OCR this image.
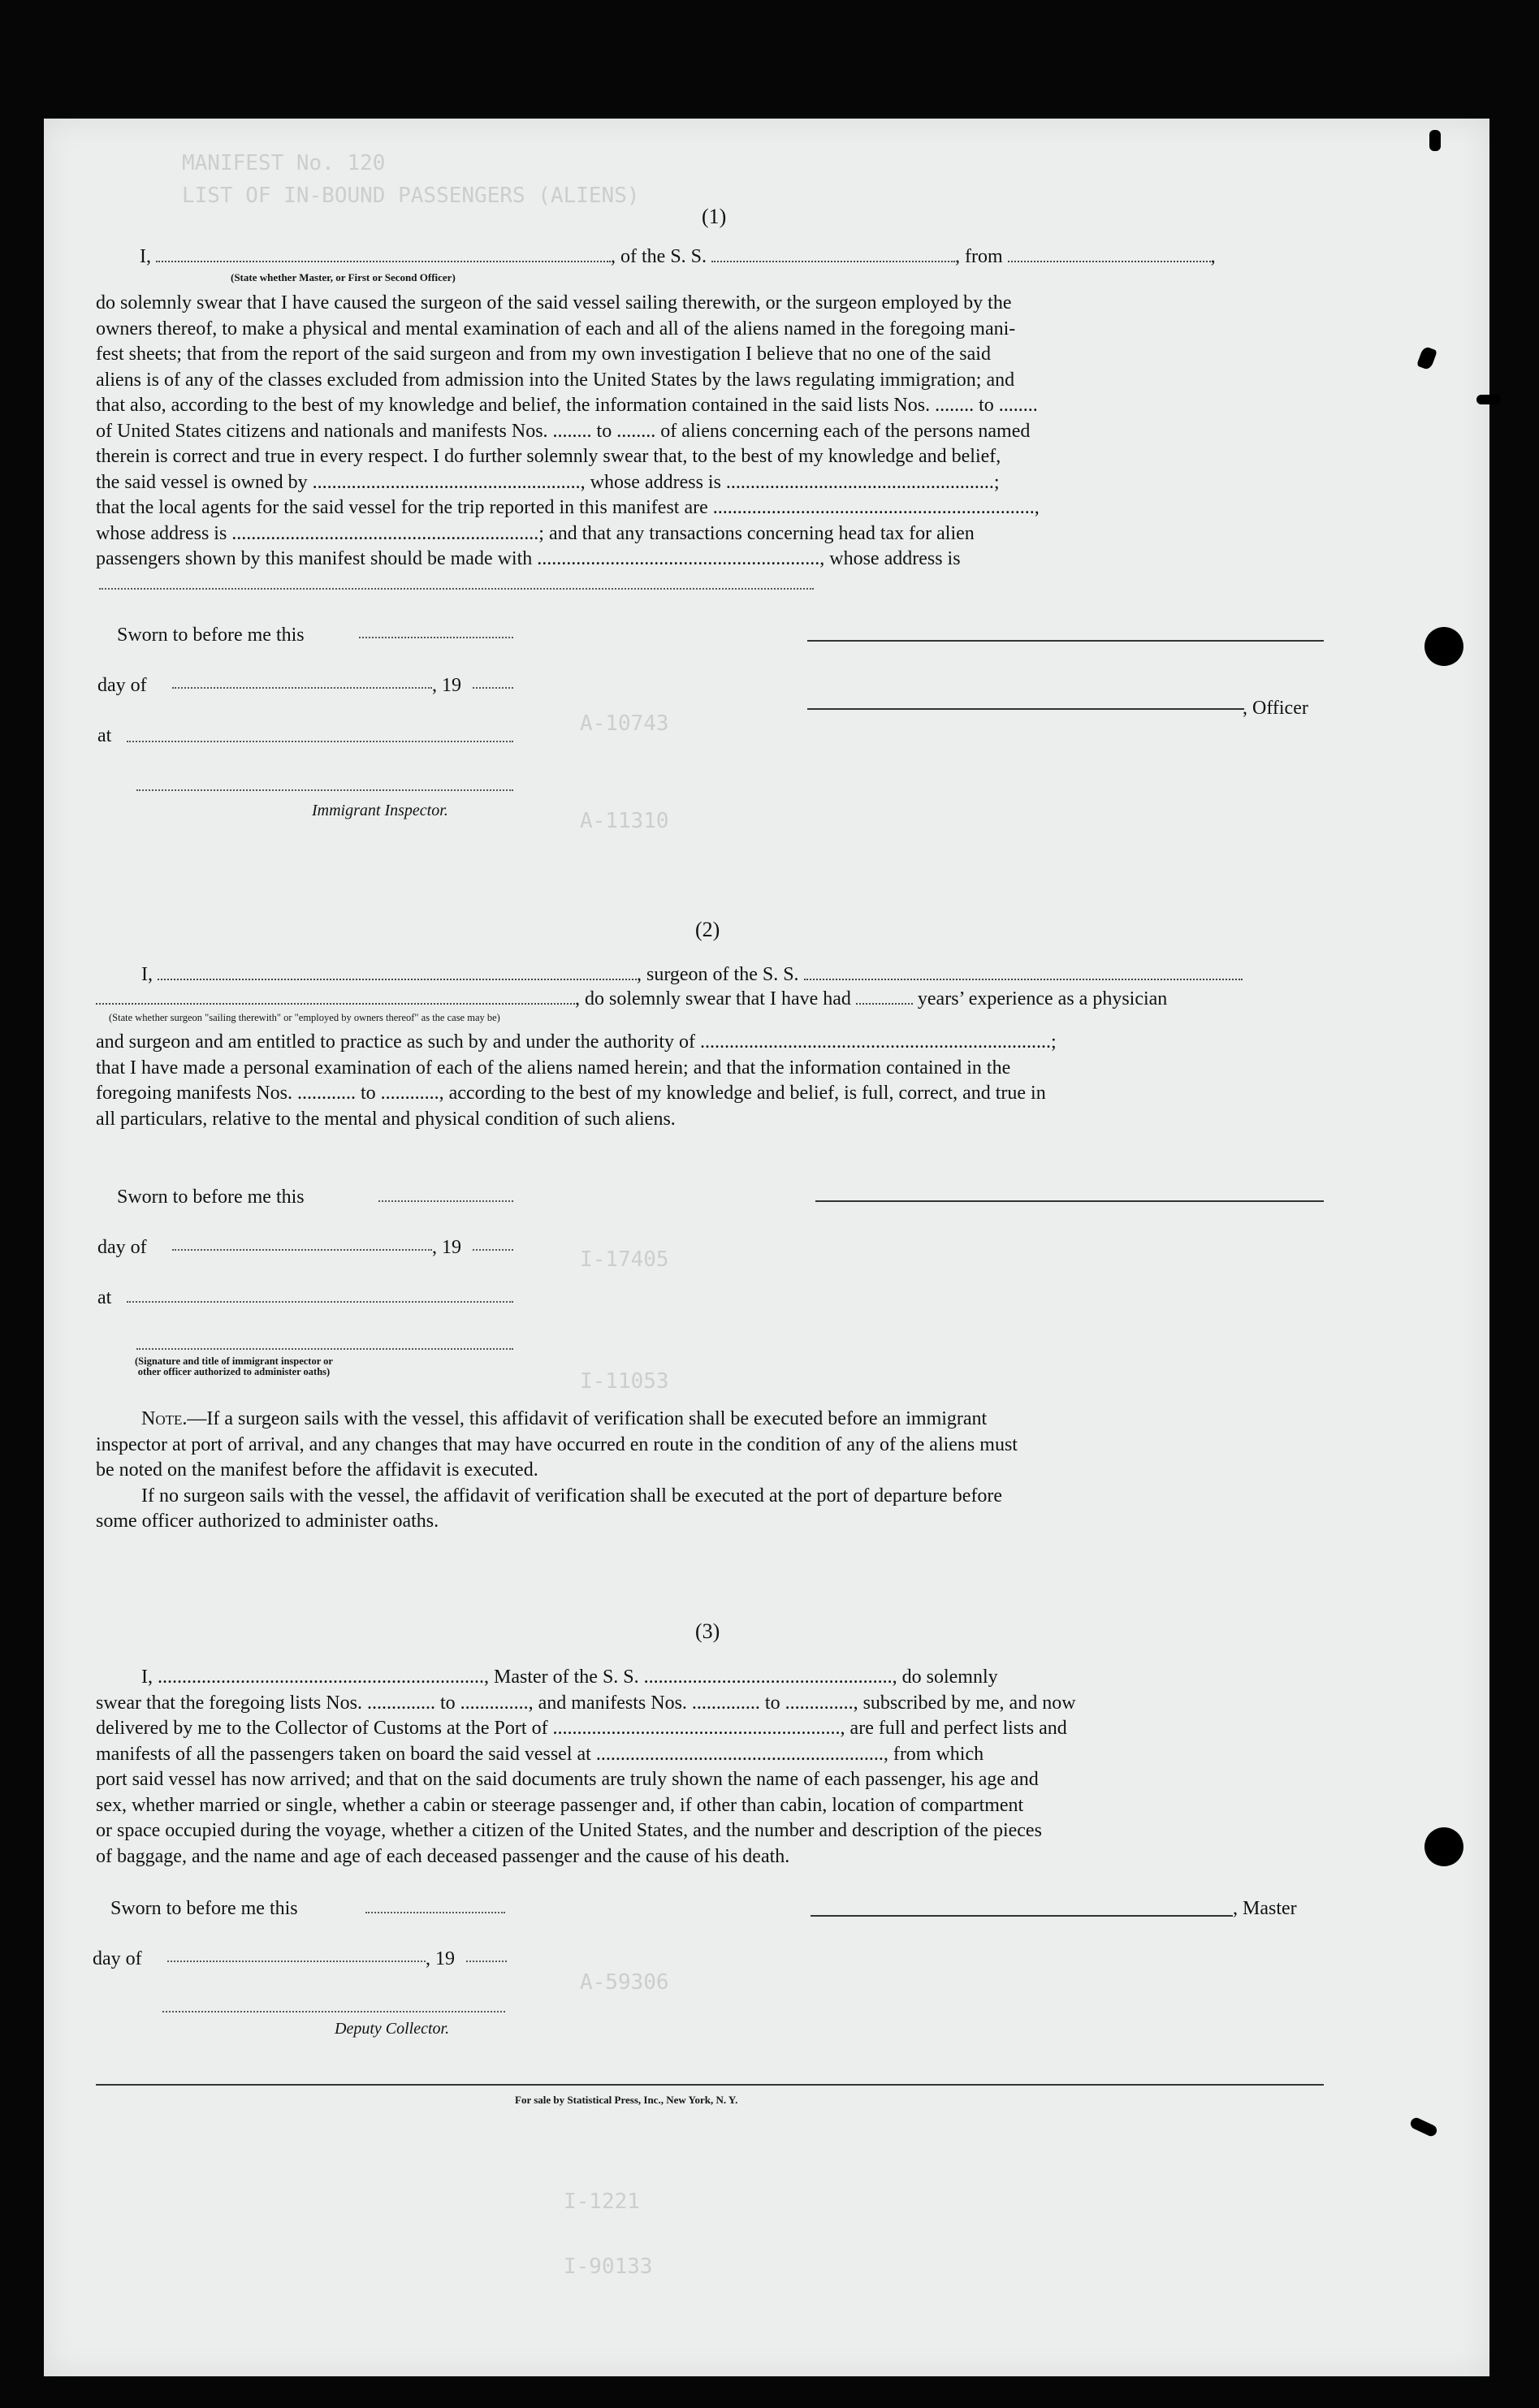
MANIFEST No. 120
LIST OF IN-BOUND PASSENGERS (ALIENS)
A-10743
A-11310
I-17405
I-11053
A-59306
I-1221
I-90133
(1)
I,	, of the S. S.	, from	,
(State whether Master, or First or Second Officer)

do solemnly swear that I have caused the surgeon of the said vessel sailing therewith, or the surgeon employed by the

owners thereof, to make a physical and mental examination of each and all of the aliens named in the foregoing mani-

fest sheets; that from the report of the said surgeon and from my own investigation I believe that no one of the said

aliens is of any of the classes excluded from admission into the United States by the laws regulating immigration; and

that also, according to the best of my knowledge and belief, the information contained in the said lists Nos. ........ to ........

of United States citizens and nationals and manifests Nos. ........ to ........ of aliens concerning each of the persons named

therein is correct and true in every respect. I do further solemnly swear that, to the best of my knowledge and belief,

the said vessel is owned by ......................................................., whose address is .......................................................;

that the local agents for the said vessel for the trip reported in this manifest are ..................................................................,

whose address is ...............................................................; and that any transactions concerning head tax for alien

passengers shown by this manifest should be made with .........................................................., whose address is

Sworn to before me this
day of	, 19
, Officer
at
Immigrant Inspector.
(2)
I,	, surgeon of the S. S.
, do solemnly swear that I have had	years’ experience as a physician
(State whether surgeon "sailing therewith" or "employed by owners thereof" as the case may be)

and surgeon and am entitled to practice as such by and under the authority of ........................................................................;

that I have made a personal examination of each of the aliens named herein; and that the information contained in the

foregoing manifests Nos. ............ to ............, according to the best of my knowledge and belief, is full, correct, and true in

all particulars, relative to the mental and physical condition of such aliens.

Sworn to before me this
day of	, 19
at
(Signature and title of immigrant inspector or
other officer authorized to administer oaths)

Note.—If a surgeon sails with the vessel, this affidavit of verification shall be executed before an immigrant

inspector at port of arrival, and any changes that may have occurred en route in the condition of any of the aliens must

be noted on the manifest before the affidavit is executed.

If no surgeon sails with the vessel, the affidavit of verification shall be executed at the port of departure before

some officer authorized to administer oaths.

(3)

I, ..................................................................., Master of the S. S. ..................................................., do solemnly

swear that the foregoing lists Nos. .............. to .............., and manifests Nos. .............. to .............., subscribed by me, and now

delivered by me to the Collector of Customs at the Port of ..........................................................., are full and perfect lists and

manifests of all the passengers taken on board the said vessel at ..........................................................., from which

port said vessel has now arrived; and that on the said documents are truly shown the name of each passenger, his age and

sex, whether married or single, whether a cabin or steerage passenger and, if other than cabin, location of compartment

or space occupied during the voyage, whether a citizen of the United States, and the number and description of the pieces

of baggage, and the name and age of each deceased passenger and the cause of his death.

Sworn to before me this	, Master
day of	, 19
Deputy Collector.
For sale by Statistical Press, Inc., New York, N. Y.
